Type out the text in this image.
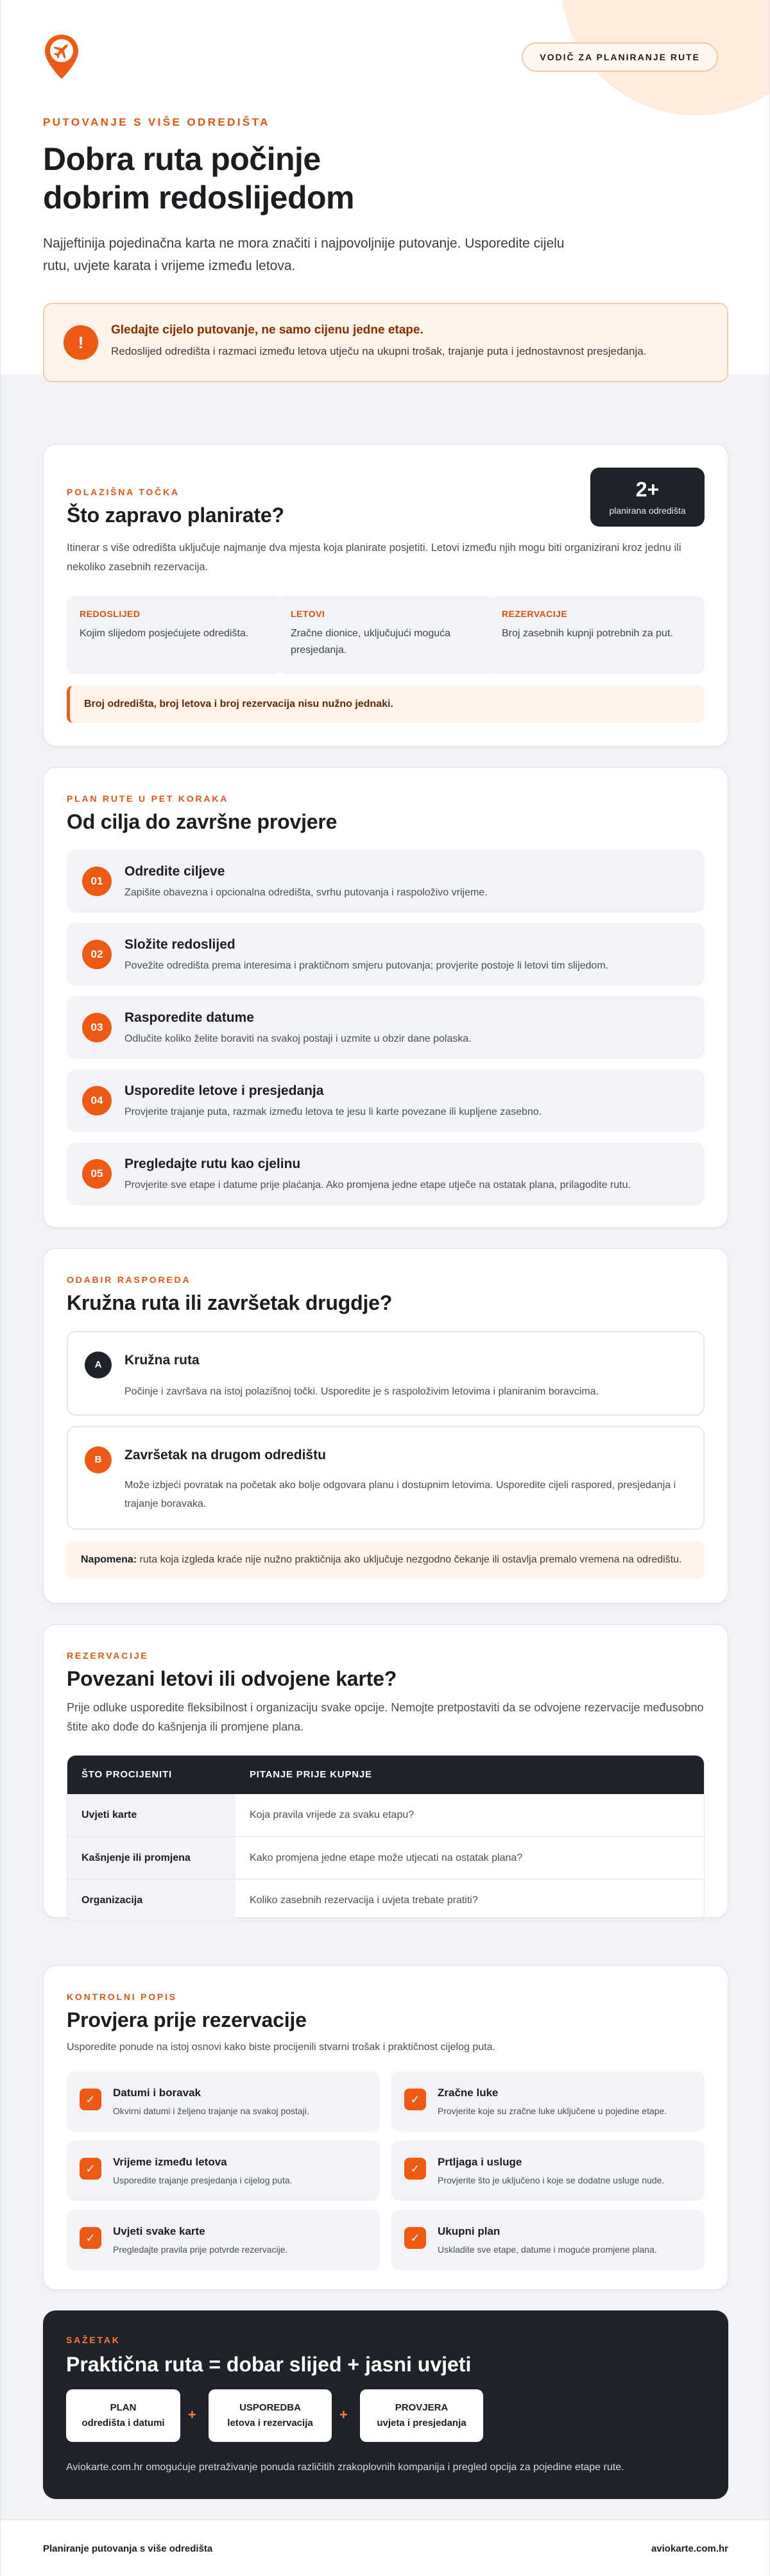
VODIČ ZA PLANIRANJE RUTE
PUTOVANJE S VIŠE ODREDIŠTA
Dobra ruta počinje
dobrim redoslijedom

Najjeftinija pojedinačna karta ne mora značiti i najpovoljnije putovanje. Usporedite cijelu rutu, uvjete karata i vrijeme između letova.

!
Gledajte cijelo putovanje, ne samo cijenu jedne etape.
Redoslijed odredišta i razmaci između letova utječu na ukupni trošak, trajanje puta i jednostavnost presjedanja.
POLAZIŠNA TOČKA
Što zapravo planirate?

Itinerar s više odredišta uključuje najmanje dva mjesta koja planirate posjetiti. Letovi između njih mogu biti organizirani kroz jednu ili nekoliko zasebnih rezervacija.

2+
planirana odredišta
REDOSLIJED
Kojim slijedom posjećujete odredišta.
LETOVI
Zračne dionice, uključujući moguća presjedanja.
REZERVACIJE
Broj zasebnih kupnji potrebnih za put.
Broj odredišta, broj letova i broj rezervacija nisu nužno jednaki.
PLAN RUTE U PET KORAKA
Od cilja do završne provjere
01
Odredite ciljeve
Zapišite obavezna i opcionalna odredišta, svrhu putovanja i raspoloživo vrijeme.
02
Složite redoslijed
Povežite odredišta prema interesima i praktičnom smjeru putovanja; provjerite postoje li letovi tim slijedom.
03
Rasporedite datume
Odlučite koliko želite boraviti na svakoj postaji i uzmite u obzir dane polaska.
04
Usporedite letove i presjedanja
Provjerite trajanje puta, razmak između letova te jesu li karte povezane ili kupljene zasebno.
05
Pregledajte rutu kao cjelinu
Provjerite sve etape i datume prije plaćanja. Ako promjena jedne etape utječe na ostatak plana, prilagodite rutu.
ODABIR RASPOREDA
Kružna ruta ili završetak drugdje?
A	Kružna ruta
Počinje i završava na istoj polazišnoj točki. Usporedite je s raspoloživim letovima i planiranim boravcima.
B	Završetak na drugom odredištu
Može izbjeći povratak na početak ako bolje odgovara planu i dostupnim letovima. Usporedite cijeli raspored, presjedanja i trajanje boravaka.
Napomena: ruta koja izgleda kraće nije nužno praktičnija ako uključuje nezgodno čekanje ili ostavlja premalo vremena na odredištu.
REZERVACIJE
Povezani letovi ili odvojene karte?

Prije odluke usporedite fleksibilnost i organizaciju svake opcije. Nemojte pretpostaviti da se odvojene rezervacije međusobno štite ako dođe do kašnjenja ili promjene plana.

ŠTO PROCIJENITI	PITANJE PRIJE KUPNJE
Uvjeti karte	Koja pravila vrijede za svaku etapu?
Kašnjenje ili promjena	Kako promjena jedne etape može utjecati na ostatak plana?
Organizacija	Koliko zasebnih rezervacija i uvjeta trebate pratiti?
KONTROLNI POPIS
Provjera prije rezervacije

Usporedite ponude na istoj osnovi kako biste procijenili stvarni trošak i praktičnost cijelog puta.

✓
Datumi i boravak
Okvirni datumi i željeno trajanje na svakoj postaji.
✓
Zračne luke
Provjerite koje su zračne luke uključene u pojedine etape.
✓
Vrijeme između letova
Usporedite trajanje presjedanja i cijelog puta.
✓
Prtljaga i usluge
Provjerite što je uključeno i koje se dodatne usluge nude.
✓
Uvjeti svake karte
Pregledajte pravila prije potvrde rezervacije.
✓
Ukupni plan
Uskladite sve etape, datume i moguće promjene plana.
SAŽETAK
Praktična ruta = dobar slijed + jasni uvjeti
PLAN
odredišta i datumi
+	USPOREDBA
letova i rezervacija
+	PROVJERA
uvjeta i presjedanja

Aviokarte.com.hr omogućuje pretraživanje ponuda različitih zrakoplovnih kompanija i pregled opcija za pojedine etape rute.

Planiranje putovanja s više odredišta	aviokarte.com.hr
